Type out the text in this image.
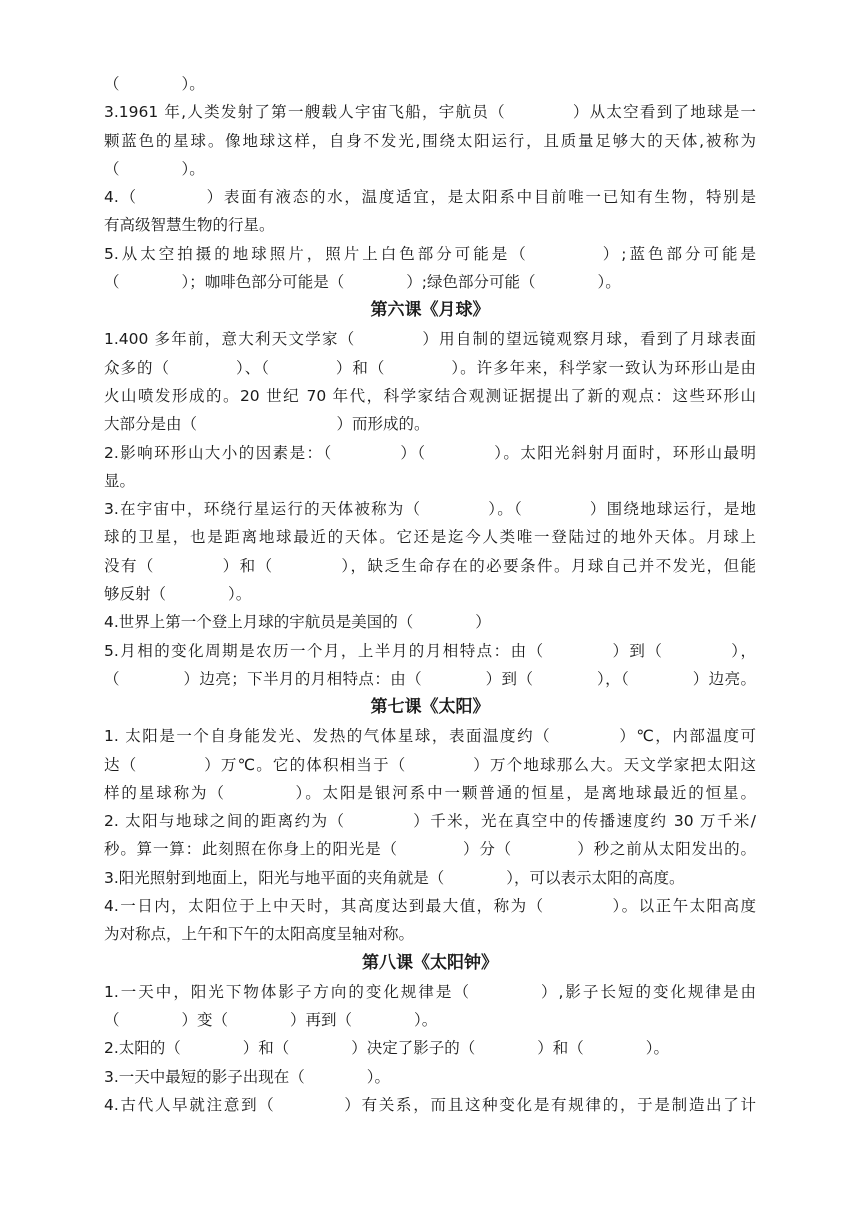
（　　　　）。
3.1961 年,人类发射了第一艘载人宇宙飞船，宇航员（　　　　）从太空看到了地球是一
颗蓝色的星球。像地球这样，自身不发光,围绕太阳运行，且质量足够大的天体,被称为
（　　　　）。
4.（　　　　）表面有液态的水，温度适宜，是太阳系中目前唯一已知有生物，特别是
有高级智慧生物的行星。
5.从太空拍摄的地球照片，照片上白色部分可能是（　　　　）;蓝色部分可能是
（　　　　）；咖啡色部分可能是（　　　　）;绿色部分可能（　　　　）。
第六课《月球》
1.400 多年前，意大利天文学家（　　　　）用自制的望远镜观察月球，看到了月球表面
众多的（　　　　）、（　　　　）和（　　　　）。许多年来，科学家一致认为环形山是由
火山喷发形成的。20 世纪 70 年代，科学家结合观测证据提出了新的观点：这些环形山
大部分是由（　　　　　　　　　）而形成的。
2.影响环形山大小的因素是：（　　　　）（　　　　）。太阳光斜射月面时，环形山最明
显。
3.在宇宙中，环绕行星运行的天体被称为（　　　　）。（　　　　）围绕地球运行，是地
球的卫星，也是距离地球最近的天体。它还是迄今人类唯一登陆过的地外天体。月球上
没有（　　　　）和（　　　　），缺乏生命存在的必要条件。月球自己并不发光，但能
够反射（　　　　）。
4.世界上第一个登上月球的宇航员是美国的（　　　　）
5.月相的变化周期是农历一个月，上半月的月相特点：由（　　　　）到（　　　　），
（　　　　）边亮；下半月的月相特点：由（　　　　）到（　　　　），（　　　　）边亮。
第七课《太阳》
1. 太阳是一个自身能发光、发热的气体星球，表面温度约（　　　　）℃，内部温度可
达（　　　　）万℃。它的体积相当于（　　　　）万个地球那么大。天文学家把太阳这
样的星球称为（　　　　）。太阳是银河系中一颗普通的恒星，是离地球最近的恒星。
2. 太阳与地球之间的距离约为（　　　　）千米，光在真空中的传播速度约 30 万千米/
秒。算一算：此刻照在你身上的阳光是（　　　　）分（　　　　）秒之前从太阳发出的。
3.阳光照射到地面上，阳光与地平面的夹角就是（　　　　），可以表示太阳的高度。
4.一日内，太阳位于上中天时，其高度达到最大值，称为（　　　　）。以正午太阳高度
为对称点，上午和下午的太阳高度呈轴对称。
第八课《太阳钟》
1.一天中，阳光下物体影子方向的变化规律是（　　　　）,影子长短的变化规律是由
（　　　　）变（　　　　）再到（　　　　）。
2.太阳的（　　　　）和（　　　　）决定了影子的（　　　　）和（　　　　）。
3.一天中最短的影子出现在（　　　　）。
4.古代人早就注意到（　　　　）有关系，而且这种变化是有规律的，于是制造出了计
